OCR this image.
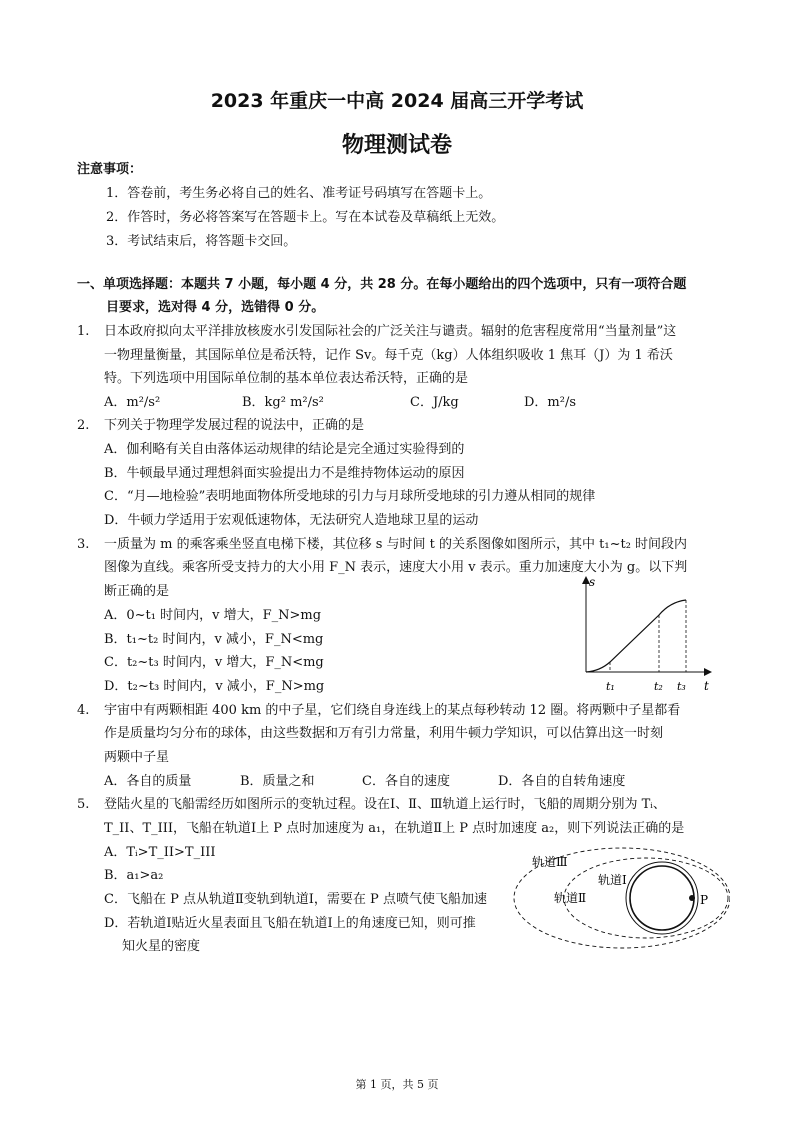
2023 年重庆一中高 2024 届高三开学考试
物理测试卷
注意事项：
1．答卷前，考生务必将自己的姓名、准考证号码填写在答题卡上。
2．作答时，务必将答案写在答题卡上。写在本试卷及草稿纸上无效。
3．考试结束后，将答题卡交回。
一、单项选择题：本题共 7 小题，每小题 4 分，共 28 分。在每小题给出的四个选项中，只有一项符合题
目要求，选对得 4 分，选错得 0 分。
1. 日本政府拟向太平洋排放核废水引发国际社会的广泛关注与谴责。辐射的危害程度常用“当量剂量”这
一物理量衡量，其国际单位是希沃特，记作 Sv。每千克（kg）人体组织吸收 1 焦耳（J）为 1 希沃
特。下列选项中用国际单位制的基本单位表达希沃特，正确的是
A．m²/s²	B．kg² m²/s²	C．J/kg	D．m²/s
2. 下列关于物理学发展过程的说法中，正确的是
A．伽利略有关自由落体运动规律的结论是完全通过实验得到的
B．牛顿最早通过理想斜面实验提出力不是维持物体运动的原因
C．“月—地检验”表明地面物体所受地球的引力与月球所受地球的引力遵从相同的规律
D．牛顿力学适用于宏观低速物体，无法研究人造地球卫星的运动
3. 一质量为 m 的乘客乘坐竖直电梯下楼，其位移 s 与时间 t 的关系图像如图所示，其中 t₁~t₂ 时间段内
图像为直线。乘客所受支持力的大小用 F_N 表示，速度大小用 v 表示。重力加速度大小为 g。以下判
断正确的是
A．0~t₁ 时间内，v 增大，F_N>mg
B．t₁~t₂ 时间内，v 减小，F_N<mg
C．t₂~t₃ 时间内，v 增大，F_N<mg
D．t₂~t₃ 时间内，v 减小，F_N>mg
s
t
t₁	t₂ t₃
4. 宇宙中有两颗相距 400 km 的中子星，它们绕自身连线上的某点每秒转动 12 圈。将两颗中子星都看
作是质量均匀分布的球体，由这些数据和万有引力常量，利用牛顿力学知识，可以估算出这一时刻
两颗中子星
A．各自的质量	B．质量之和	C．各自的速度	D．各自的自转角速度
5. 登陆火星的飞船需经历如图所示的变轨过程。设在Ⅰ、Ⅱ、Ⅲ轨道上运行时，飞船的周期分别为 Tᵢ、
T_II、T_III，飞船在轨道Ⅰ上 P 点时加速度为 a₁，在轨道Ⅱ上 P 点时加速度 a₂，则下列说法正确的是
A．Tᵢ>T_II>T_III
B．a₁>a₂
C．飞船在 P 点从轨道Ⅱ变轨到轨道Ⅰ，需要在 P 点喷气使飞船加速
D．若轨道Ⅰ贴近火星表面且飞船在轨道Ⅰ上的角速度已知，则可推
知火星的密度
轨道Ⅲ
轨道Ⅱ
轨道Ⅰ
P
第 1 页，共 5 页
